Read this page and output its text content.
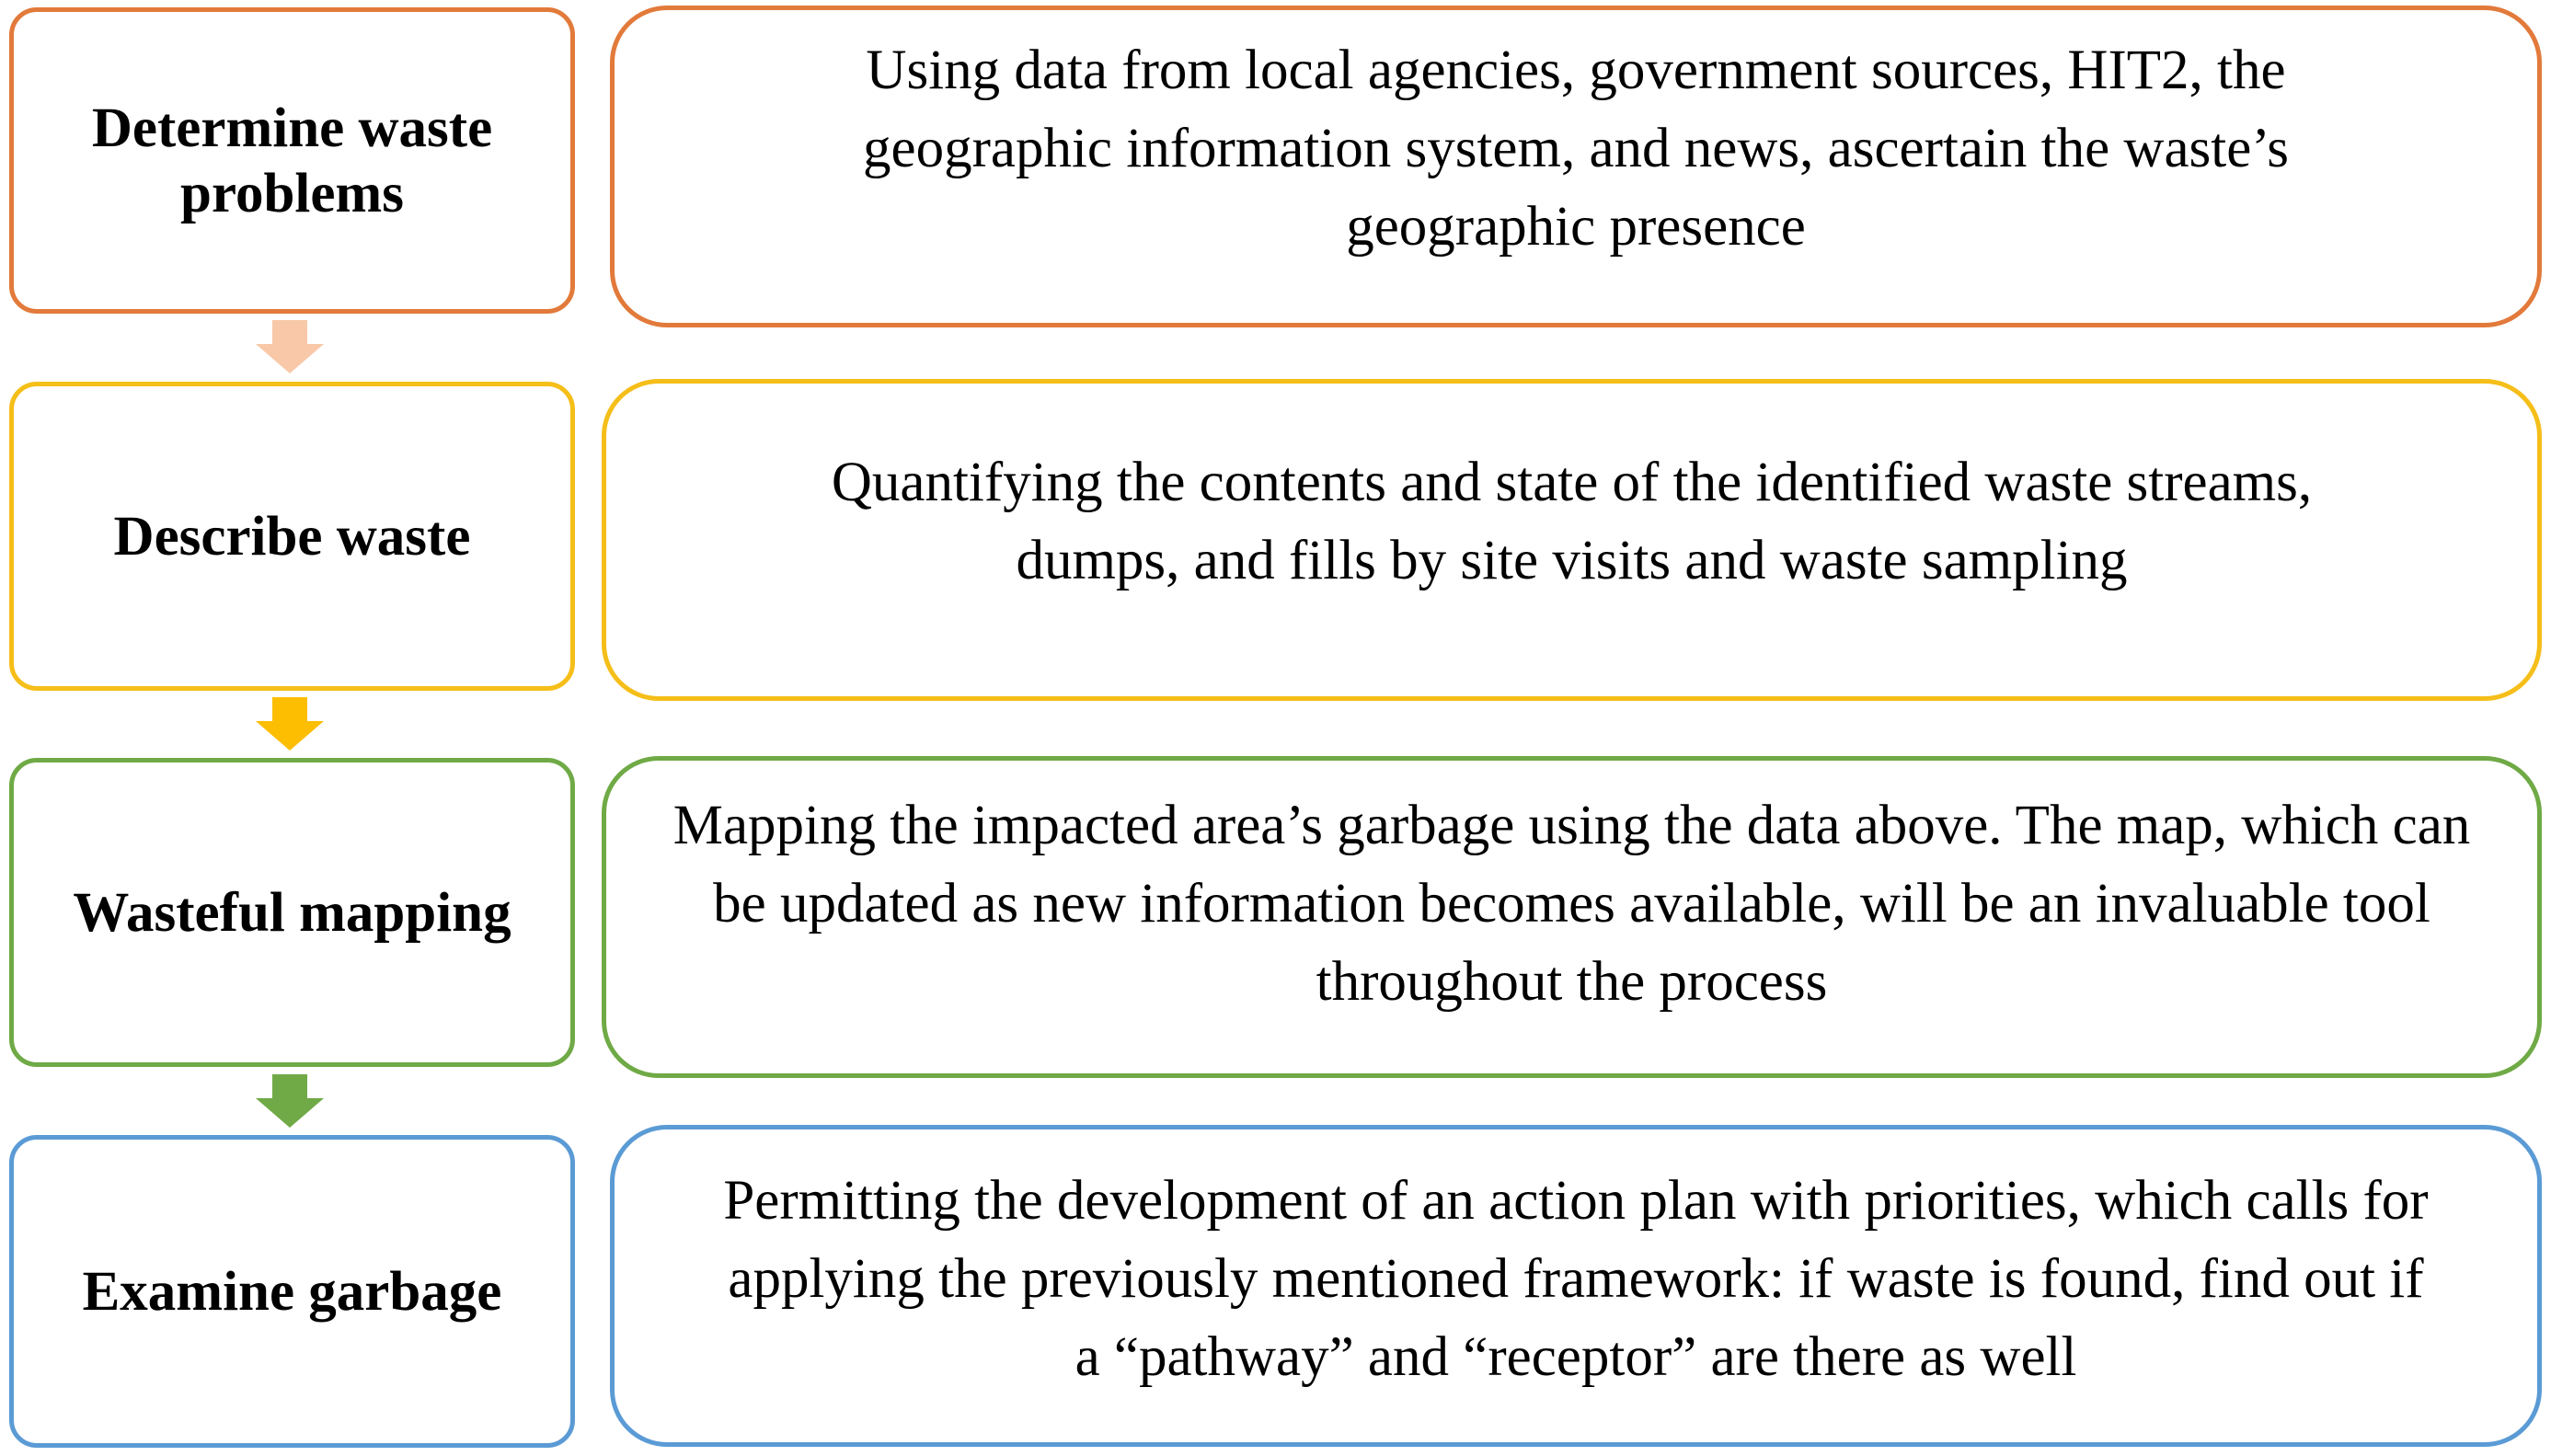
Determine waste problems
Using data from local agencies, government sources, HIT2, the geographic information system, and news, ascertain the waste’s geographic presence
Describe waste
Quantifying the contents and state of the identified waste streams, dumps, and fills by site visits and waste sampling
Wasteful mapping
Mapping the impacted area’s garbage using the data above. The map, which can be updated as new information becomes available, will be an invaluable tool throughout the process
Examine garbage
Permitting the development of an action plan with priorities, which calls for applying the previously mentioned framework: if waste is found, find out if a “pathway” and “receptor” are there as well
